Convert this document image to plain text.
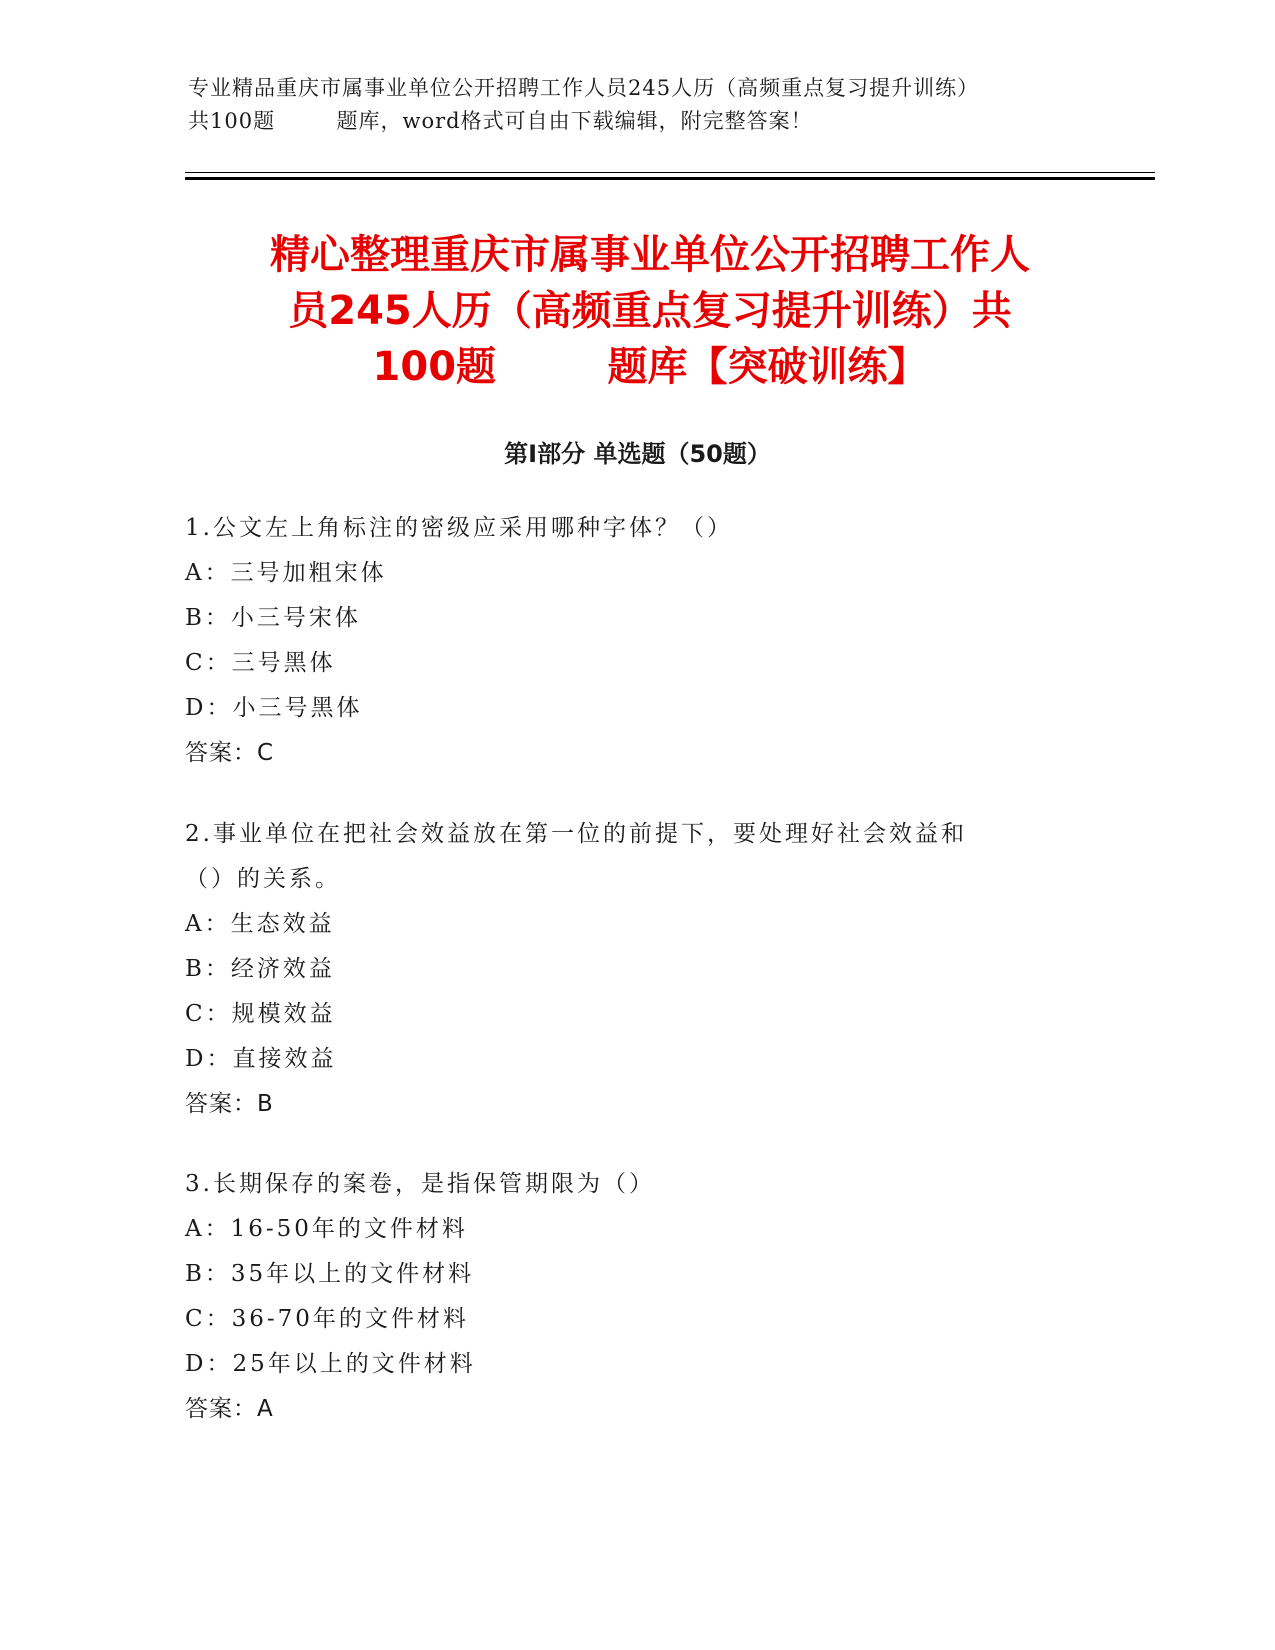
专业精品重庆市属事业单位公开招聘工作人员245人历（高频重点复习提升训练）
共100题        题库，word格式可自由下载编辑，附完整答案！
精心整理重庆市属事业单位公开招聘工作人
员245人历（高频重点复习提升训练）共
100题        题库【突破训练】
第Ⅰ部分 单选题（50题）
1.公文左上角标注的密级应采用哪种字体？（）
A：三号加粗宋体
B：小三号宋体
C：三号黑体
D：小三号黑体
答案：C
2.事业单位在把社会效益放在第一位的前提下，要处理好社会效益和
（）的关系。
A：生态效益
B：经济效益
C：规模效益
D：直接效益
答案：B
3.长期保存的案卷，是指保管期限为（）
A：16-50年的文件材料
B：35年以上的文件材料
C：36-70年的文件材料
D：25年以上的文件材料
答案：A
